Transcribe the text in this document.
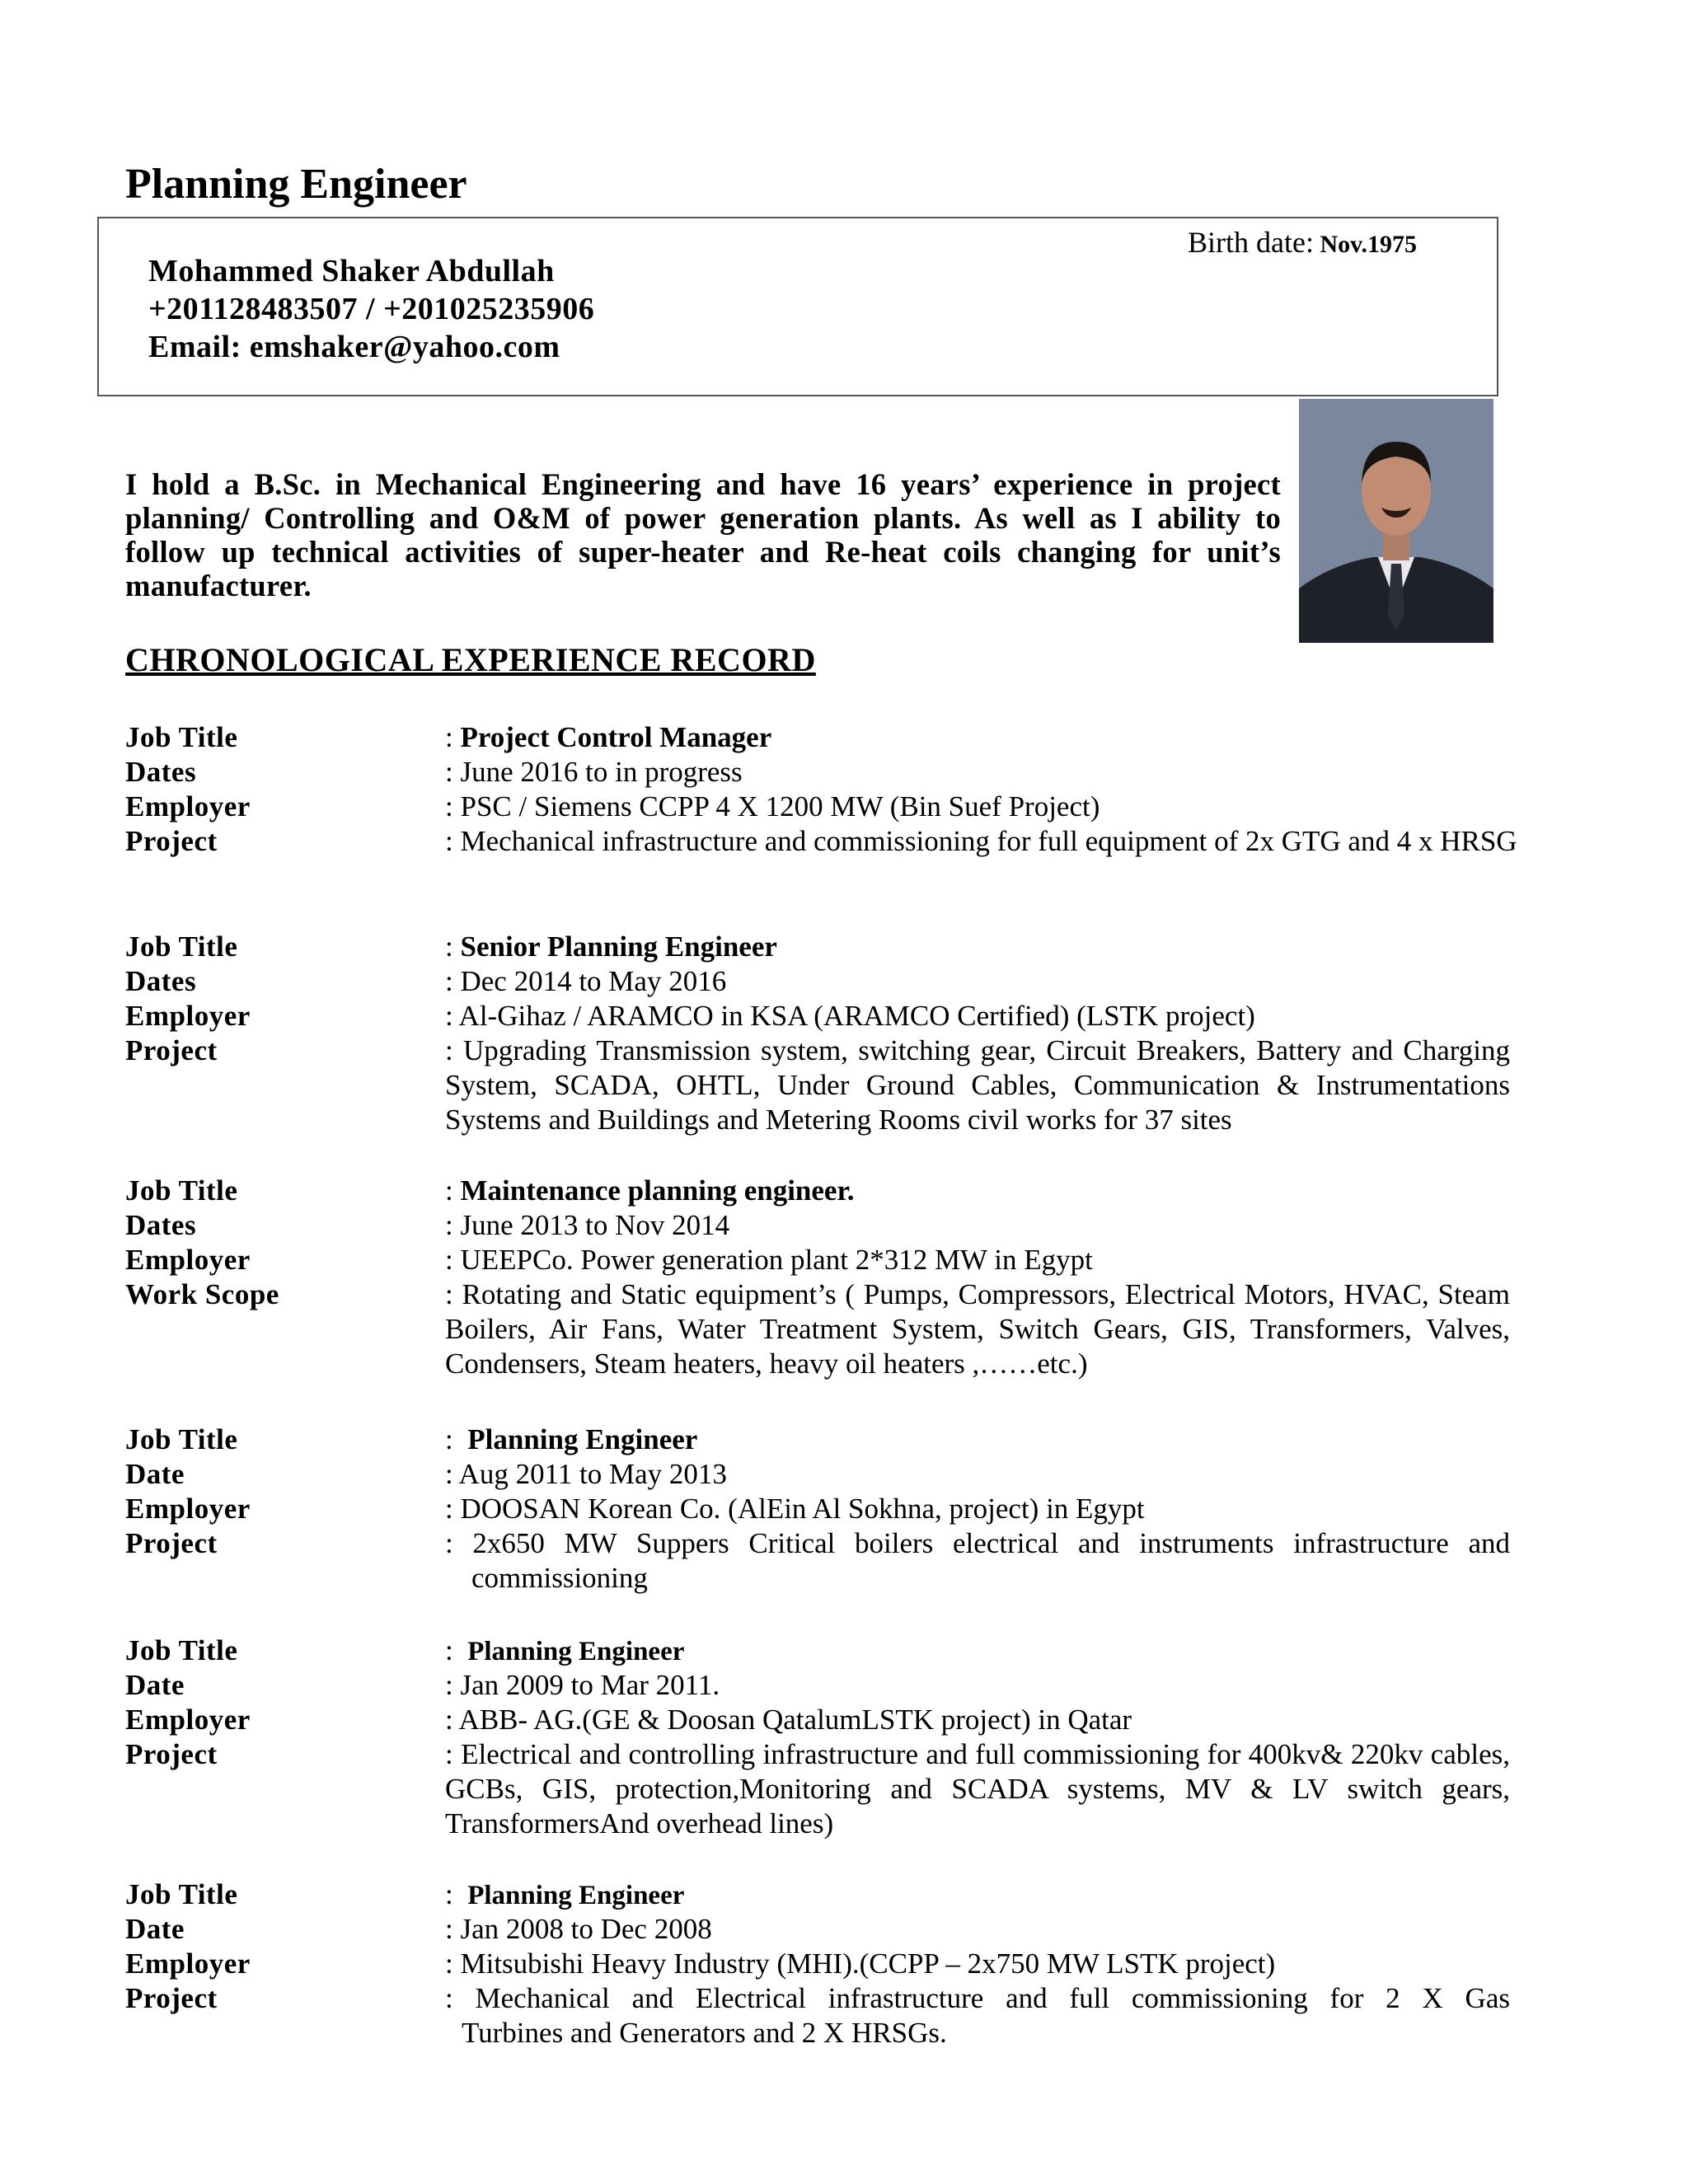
Planning Engineer
Birth date: Nov.1975
Mohammed Shaker Abdullah
+201128483507 / +201025235906
Email: emshaker@yahoo.com
I hold a B.Sc. in Mechanical Engineering and have 16 years’ experience in project planning/ Controlling and O&M of power generation plants. As well as I ability to follow up technical activities of super-heater and Re-heat coils changing for unit’s manufacturer.
CHRONOLOGICAL EXPERIENCE RECORD
Job Title	: Project Control Manager
Dates	: June 2016 to in progress
Employer	: PSC / Siemens CCPP 4 X 1200 MW (Bin Suef Project)
Project	: Mechanical infrastructure and commissioning for full equipment of 2x GTG and 4 x HRSG
Job Title	: Senior Planning Engineer
Dates	: Dec 2014 to May 2016
Employer	: Al-Gihaz / ARAMCO in KSA (ARAMCO Certified) (LSTK project)
Project	: Upgrading Transmission system, switching gear, Circuit Breakers, Battery and Charging System, SCADA, OHTL, Under Ground Cables, Communication & Instrumentations Systems and Buildings and Metering Rooms civil works for 37 sites
Job Title	: Maintenance planning engineer.
Dates	: June 2013 to Nov 2014
Employer	: UEEPCo. Power generation plant 2*312 MW in Egypt
Work Scope	: Rotating and Static equipment’s ( Pumps, Compressors, Electrical Motors, HVAC, Steam Boilers, Air Fans, Water Treatment System, Switch Gears, GIS, Transformers, Valves, Condensers, Steam heaters, heavy oil heaters ,……etc.)
Job Title	:  Planning Engineer
Date	: Aug 2011 to May 2013
Employer	: DOOSAN Korean Co. (AlEin Al Sokhna, project) in Egypt
Project	: 2x650 MW Suppers Critical boilers electrical and instruments infrastructure and
commissioning
Job Title	:  Planning Engineer
Date	: Jan 2009 to Mar 2011.
Employer	: ABB- AG.(GE & Doosan QatalumLSTK project) in Qatar
Project	: Electrical and controlling infrastructure and full commissioning for 400kv& 220kv cables, GCBs, GIS, protection,Monitoring and SCADA systems, MV & LV switch gears, TransformersAnd overhead lines)
Job Title	:  Planning Engineer
Date	: Jan 2008 to Dec 2008
Employer	: Mitsubishi Heavy Industry (MHI).(CCPP – 2x750 MW LSTK project)
Project	: Mechanical and Electrical infrastructure and full commissioning for 2 X Gas
Turbines and Generators and 2 X HRSGs.
